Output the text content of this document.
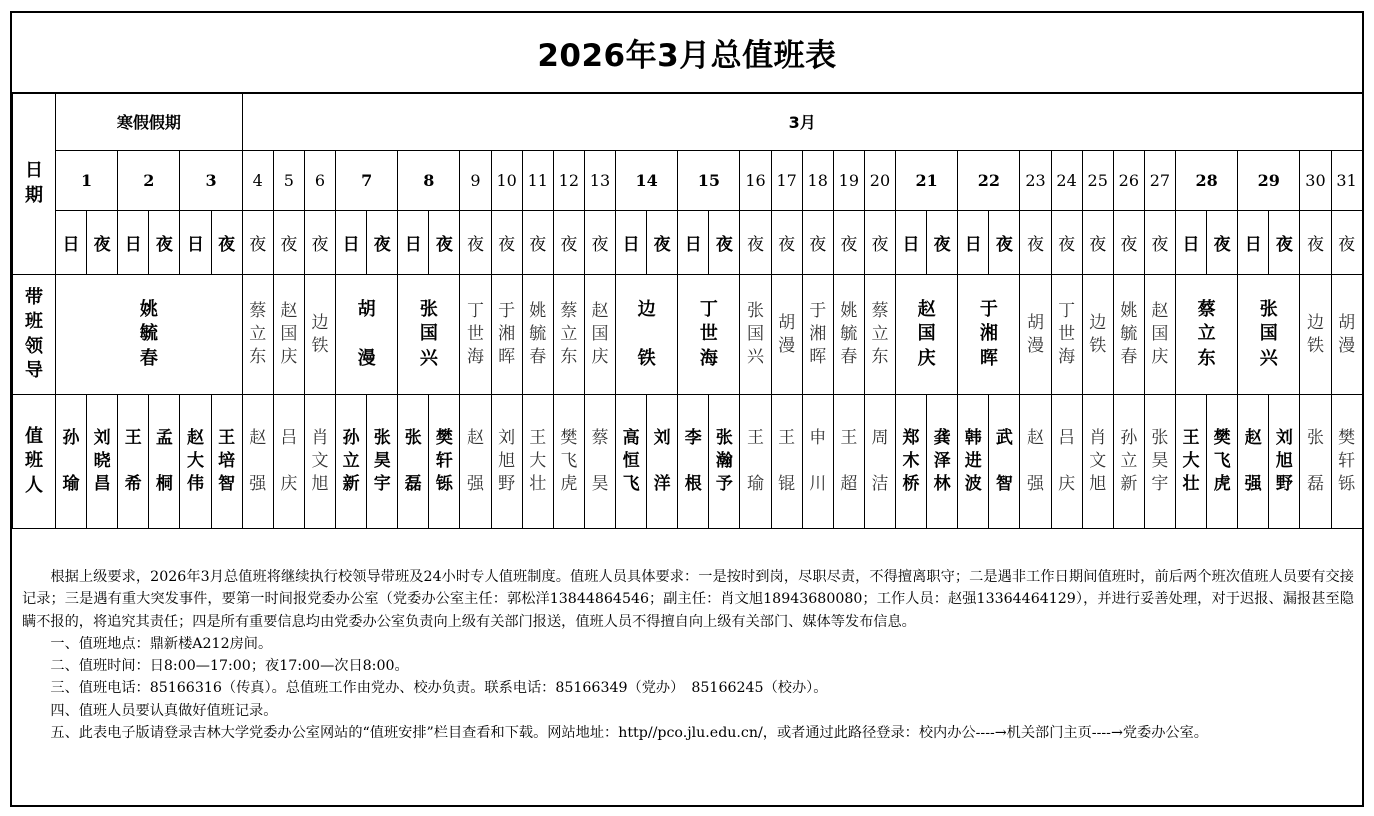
2026年3月总值班表
日期	寒假假期						3月																																			
	1		2		3		4	5	6	7		8		9	10	11	12	13	14		15		16	17	18	19	20	21		22		23	24	25	26	27	28		29		30	31
	日	夜	日	夜	日	夜	夜	夜	夜	日	夜	日	夜	夜	夜	夜	夜	夜	日	夜	日	夜	夜	夜	夜	夜	夜	日	夜	日	夜	夜	夜	夜	夜	夜	日	夜	日	夜	夜	夜
带班领导	姚毓春						蔡立东	赵国庆	边铁	胡漫		张国兴		丁世海	于湘晖	姚毓春	蔡立东	赵国庆	边铁		丁世海		张国兴	胡漫	于湘晖	姚毓春	蔡立东	赵国庆		于湘晖		胡漫	丁世海	边铁	姚毓春	赵国庆	蔡立东		张国兴		边铁	胡漫
值班人	孙瑜	刘晓昌	王希	孟桐	赵大伟	王培智	赵强	吕庆	肖文旭	孙立新	张昊宇	张磊	樊轩铄	赵强	刘旭野	王大壮	樊飞虎	蔡昊	高恒飞	刘洋	李根	张瀚予	王瑜	王锟	申川	王超	周洁	郑木桥	龚泽林	韩进波	武智	赵强	吕庆	肖文旭	孙立新	张昊宇	王大壮	樊飞虎	赵强	刘旭野	张磊	樊轩铄

根据上级要求，2026年3月总值班将继续执行校领导带班及24小时专人值班制度。值班人员具体要求：一是按时到岗，尽职尽责，不得擅离职守；二是遇非工作日期间值班时，前后两个班次值班人员要有交接记录；三是遇有重大突发事件，要第一时间报党委办公室（党委办公室主任：郭松洋13844864546；副主任：肖文旭18943680080；工作人员：赵强13364464129），并进行妥善处理，对于迟报、漏报甚至隐瞒不报的，将追究其责任；四是所有重要信息均由党委办公室负责向上级有关部门报送，值班人员不得擅自向上级有关部门、媒体等发布信息。

一、值班地点：鼎新楼A212房间。

二、值班时间：日8:00—17:00；夜17:00—次日8:00。

三、值班电话：85166316（传真）。总值班工作由党办、校办负责。联系电话：85166349（党办）　85166245（校办）。

四、值班人员要认真做好值班记录。

五、此表电子版请登录吉林大学党委办公室网站的“值班安排”栏目查看和下载。网站地址：http//pco.jlu.edu.cn/，或者通过此路径登录：校内办公----→机关部门主页----→党委办公室。
